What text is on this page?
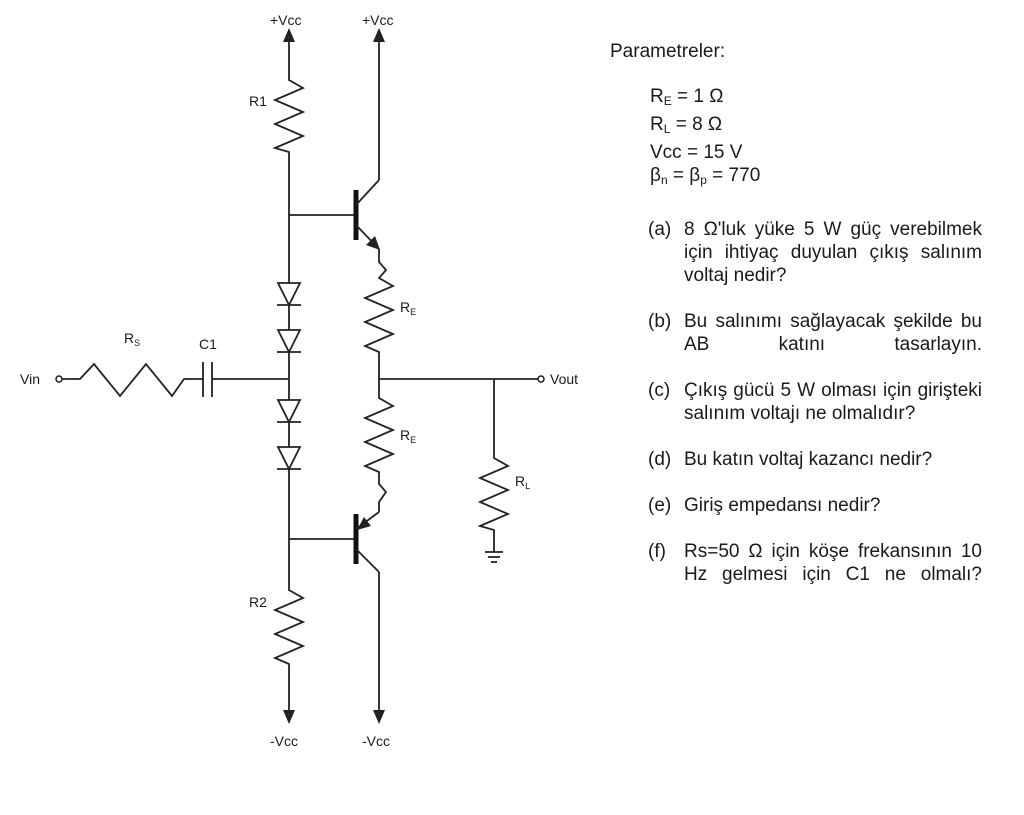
+Vcc	+Vcc
R1
Vin
$R_S$	C1
$R_E$
Vout
$R_L$
$R_E$
R2
-Vcc	-Vcc
Parametreler:
$R_E = 1$ Ω
$R_L = 8$ Ω
Vcc = 15 V
$\beta_n = \beta_p = 770$
(a) 8 Ω'luk yüke 5 W güç verebilmek için ihtiyaç duyulan çıkış salınım voltaj nedir?
(b) Bu salınımı sağlayacak şekilde bu AB katını tasarlayın.
(c) Çıkış gücü 5 W olması için girişteki salınım voltajı ne olmalıdır?
(d) Bu katın voltaj kazancı nedir?
(e) Giriş empedansı nedir?
(f) Rs=50 Ω için köşe frekansının 10 Hz gelmesi için C1 ne olmalı?
